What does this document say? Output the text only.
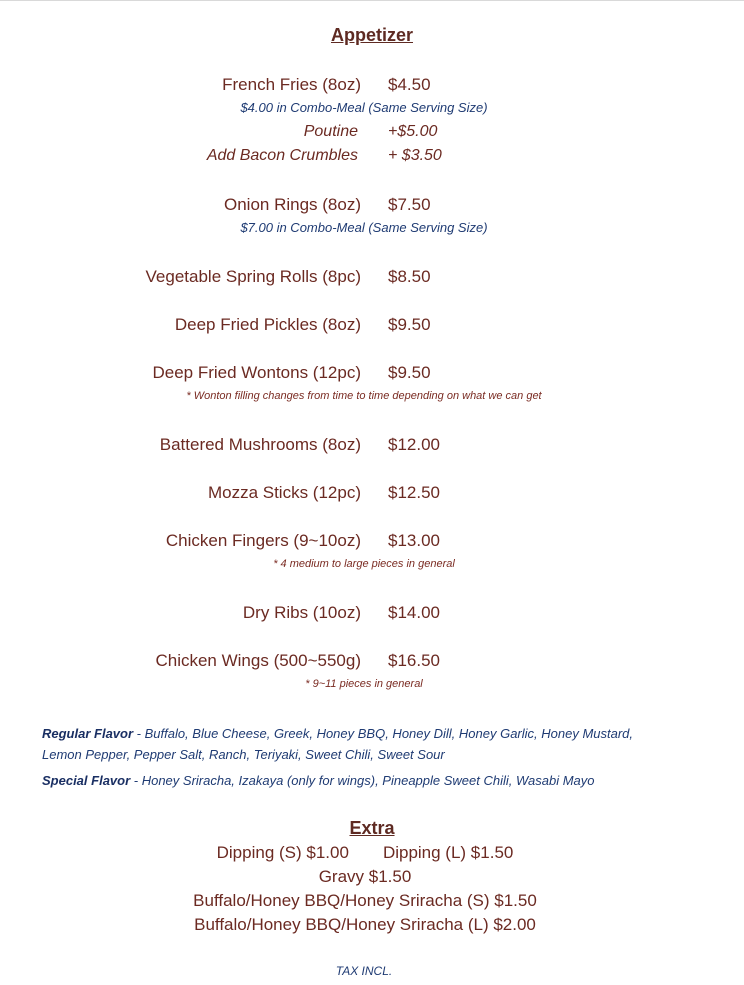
Appetizer
French Fries (8oz) $4.50
$4.00 in Combo-Meal (Same Serving Size)
Poutine +$5.00
Add Bacon Crumbles + $3.50
Onion Rings (8oz) $7.50
$7.00 in Combo-Meal (Same Serving Size)
Vegetable Spring Rolls (8pc) $8.50
Deep Fried Pickles (8oz) $9.50
Deep Fried Wontons (12pc) $9.50
* Wonton filling changes from time to time depending on what we can get
Battered Mushrooms (8oz) $12.00
Mozza Sticks (12pc) $12.50
Chicken Fingers (9~10oz) $13.00
* 4 medium to large pieces in general
Dry Ribs (10oz) $14.00
Chicken Wings (500~550g) $16.50
* 9~11 pieces in general
Regular Flavor - Buffalo, Blue Cheese, Greek, Honey BBQ, Honey Dill, Honey Garlic, Honey Mustard,
Lemon Pepper, Pepper Salt, Ranch, Teriyaki, Sweet Chili, Sweet Sour
Special Flavor - Honey Sriracha, Izakaya (only for wings), Pineapple Sweet Chili, Wasabi Mayo
Extra
Dipping (S) $1.00 Dipping (L) $1.50
Gravy $1.50
Buffalo/Honey BBQ/Honey Sriracha (S) $1.50
Buffalo/Honey BBQ/Honey Sriracha (L) $2.00
TAX INCL.
